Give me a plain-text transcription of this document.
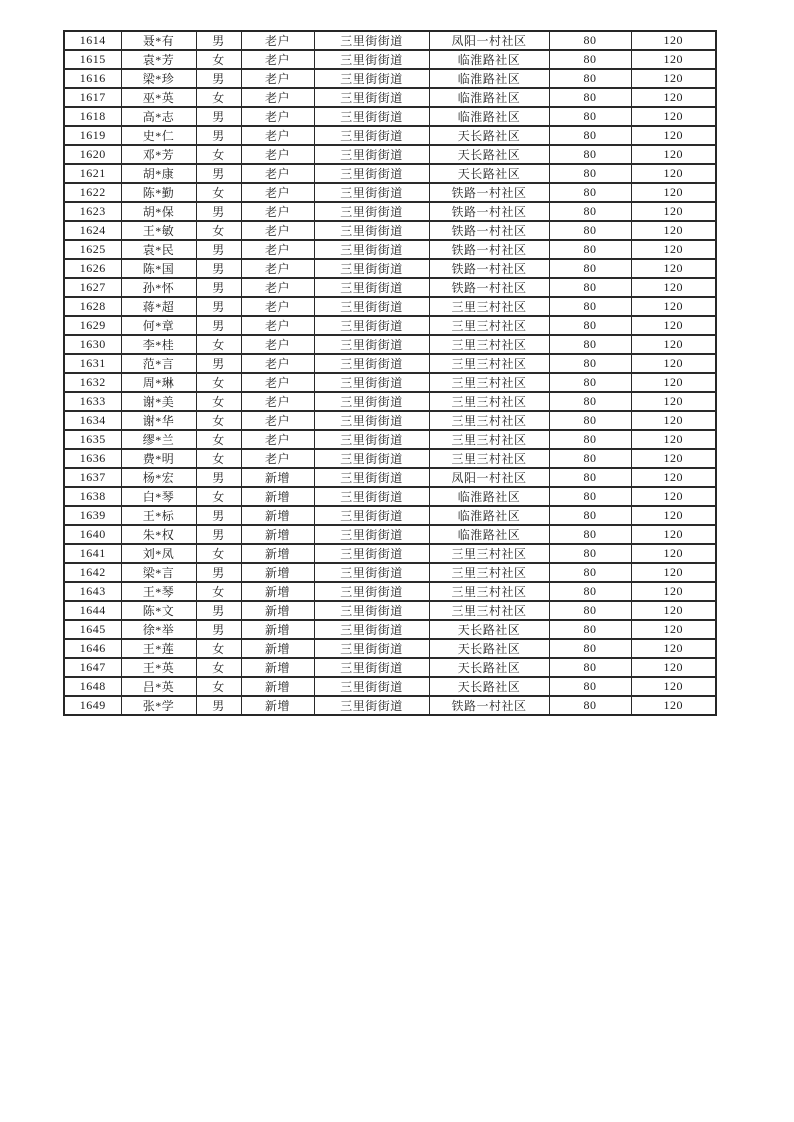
1614	聂*有	男	老户	三里街街道	凤阳一村社区	80	120
1615	袁*芳	女	老户	三里街街道	临淮路社区	80	120
1616	梁*珍	男	老户	三里街街道	临淮路社区	80	120
1617	巫*英	女	老户	三里街街道	临淮路社区	80	120
1618	高*志	男	老户	三里街街道	临淮路社区	80	120
1619	史*仁	男	老户	三里街街道	天长路社区	80	120
1620	邓*芳	女	老户	三里街街道	天长路社区	80	120
1621	胡*康	男	老户	三里街街道	天长路社区	80	120
1622	陈*勤	女	老户	三里街街道	铁路一村社区	80	120
1623	胡*保	男	老户	三里街街道	铁路一村社区	80	120
1624	王*敏	女	老户	三里街街道	铁路一村社区	80	120
1625	袁*民	男	老户	三里街街道	铁路一村社区	80	120
1626	陈*国	男	老户	三里街街道	铁路一村社区	80	120
1627	孙*怀	男	老户	三里街街道	铁路一村社区	80	120
1628	蒋*超	男	老户	三里街街道	三里三村社区	80	120
1629	何*章	男	老户	三里街街道	三里三村社区	80	120
1630	李*桂	女	老户	三里街街道	三里三村社区	80	120
1631	范*言	男	老户	三里街街道	三里三村社区	80	120
1632	周*琳	女	老户	三里街街道	三里三村社区	80	120
1633	谢*美	女	老户	三里街街道	三里三村社区	80	120
1634	谢*华	女	老户	三里街街道	三里三村社区	80	120
1635	缪*兰	女	老户	三里街街道	三里三村社区	80	120
1636	费*明	女	老户	三里街街道	三里三村社区	80	120
1637	杨*宏	男	新增	三里街街道	凤阳一村社区	80	120
1638	白*琴	女	新增	三里街街道	临淮路社区	80	120
1639	王*标	男	新增	三里街街道	临淮路社区	80	120
1640	朱*权	男	新增	三里街街道	临淮路社区	80	120
1641	刘*凤	女	新增	三里街街道	三里三村社区	80	120
1642	梁*言	男	新增	三里街街道	三里三村社区	80	120
1643	王*琴	女	新增	三里街街道	三里三村社区	80	120
1644	陈*文	男	新增	三里街街道	三里三村社区	80	120
1645	徐*举	男	新增	三里街街道	天长路社区	80	120
1646	王*莲	女	新增	三里街街道	天长路社区	80	120
1647	王*英	女	新增	三里街街道	天长路社区	80	120
1648	吕*英	女	新增	三里街街道	天长路社区	80	120
1649	张*学	男	新增	三里街街道	铁路一村社区	80	120
